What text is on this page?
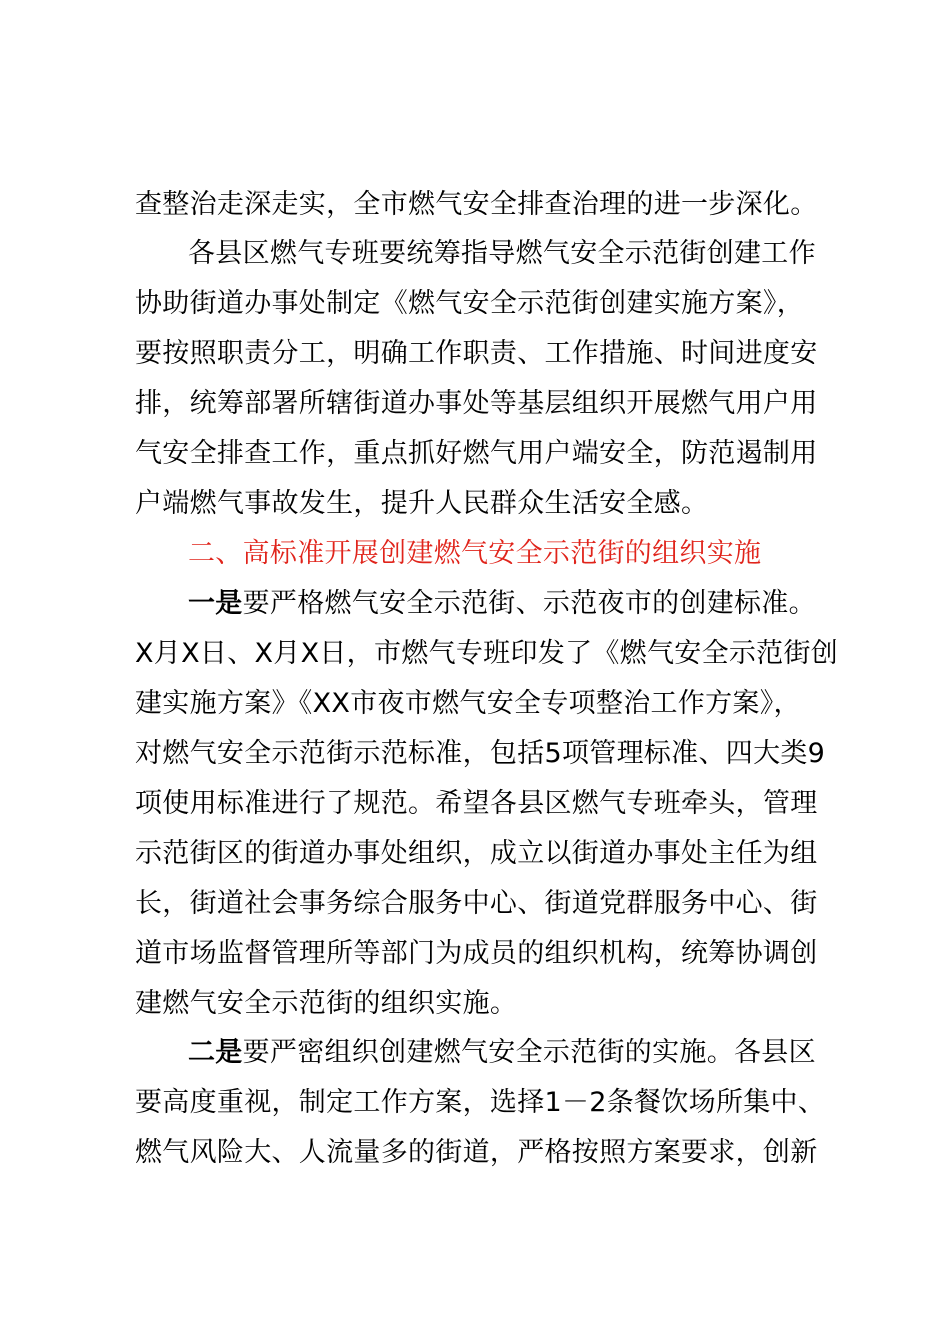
查整治走深走实，全市燃气安全排查治理的进一步深化。
各县区燃气专班要统筹指导燃气安全示范街创建工作
协助街道办事处制定《燃气安全示范街创建实施方案》，
要按照职责分工，明确工作职责、工作措施、时间进度安
排，统筹部署所辖街道办事处等基层组织开展燃气用户用
气安全排查工作，重点抓好燃气用户端安全，防范遏制用
户端燃气事故发生，提升人民群众生活安全感。
二、高标准开展创建燃气安全示范街的组织实施
一是要严格燃气安全示范街、示范夜市的创建标准。
X月X日、X月X日，市燃气专班印发了《燃气安全示范街创
建实施方案》《XX市夜市燃气安全专项整治工作方案》，
对燃气安全示范街示范标准，包括5项管理标准、四大类9
项使用标准进行了规范。希望各县区燃气专班牵头，管理
示范街区的街道办事处组织，成立以街道办事处主任为组
长，街道社会事务综合服务中心、街道党群服务中心、街
道市场监督管理所等部门为成员的组织机构，统筹协调创
建燃气安全示范街的组织实施。
二是要严密组织创建燃气安全示范街的实施。各县区
要高度重视，制定工作方案，选择1－2条餐饮场所集中、
燃气风险大、人流量多的街道，严格按照方案要求，创新
